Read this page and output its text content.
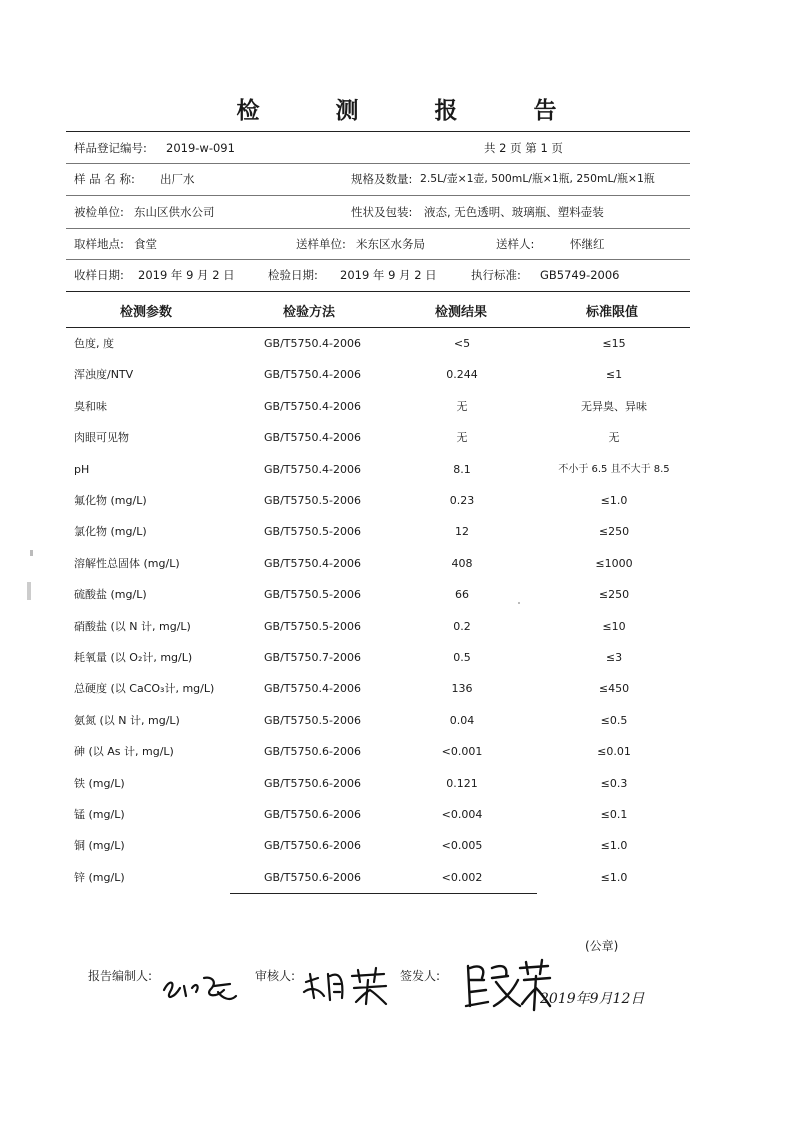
检 测 报 告
样品登记编号: 2019-w-091	共 2 页 第 1 页
样 品 名 称: 出厂水	规格及数量: 2.5L/壶×1壶, 500mL/瓶×1瓶, 250mL/瓶×1瓶
被检单位: 东山区供水公司	性状及包装: 液态, 无色透明、玻璃瓶、塑料壶装
取样地点: 食堂	送样单位: 米东区水务局	送样人:	怀继红
收样日期: 2019 年 9 月 2 日	检验日期: 2019 年 9 月 2 日	执行标准: GB5749-2006
检测参数	检验方法	检测结果	标准限值
色度, 度	GB/T5750.4-2006	<5	≤15
浑浊度/NTV	GB/T5750.4-2006	0.244	≤1
臭和味	GB/T5750.4-2006	无	无异臭、异味
肉眼可见物	GB/T5750.4-2006	无	无
pH	GB/T5750.4-2006	8.1	不小于 6.5 且不大于 8.5
氟化物 (mg/L)	GB/T5750.5-2006	0.23	≤1.0
氯化物 (mg/L)	GB/T5750.5-2006	12	≤250
溶解性总固体 (mg/L)	GB/T5750.4-2006	408	≤1000
硫酸盐 (mg/L)	GB/T5750.5-2006	66	≤250
硝酸盐 (以 N 计, mg/L)	GB/T5750.5-2006	0.2	≤10
耗氧量 (以 O₂计, mg/L)	GB/T5750.7-2006	0.5	≤3
总硬度 (以 CaCO₃计, mg/L)	GB/T5750.4-2006	136	≤450
氨氮 (以 N 计, mg/L)	GB/T5750.5-2006	0.04	≤0.5
砷 (以 As 计, mg/L)	GB/T5750.6-2006	<0.001	≤0.01
铁 (mg/L)	GB/T5750.6-2006	0.121	≤0.3
锰 (mg/L)	GB/T5750.6-2006	<0.004	≤0.1
铜 (mg/L)	GB/T5750.6-2006	<0.005	≤1.0
锌 (mg/L)	GB/T5750.6-2006	<0.002	≤1.0
(公章)
报告编制人:	审核人:	签发人:
2019年9月12日
